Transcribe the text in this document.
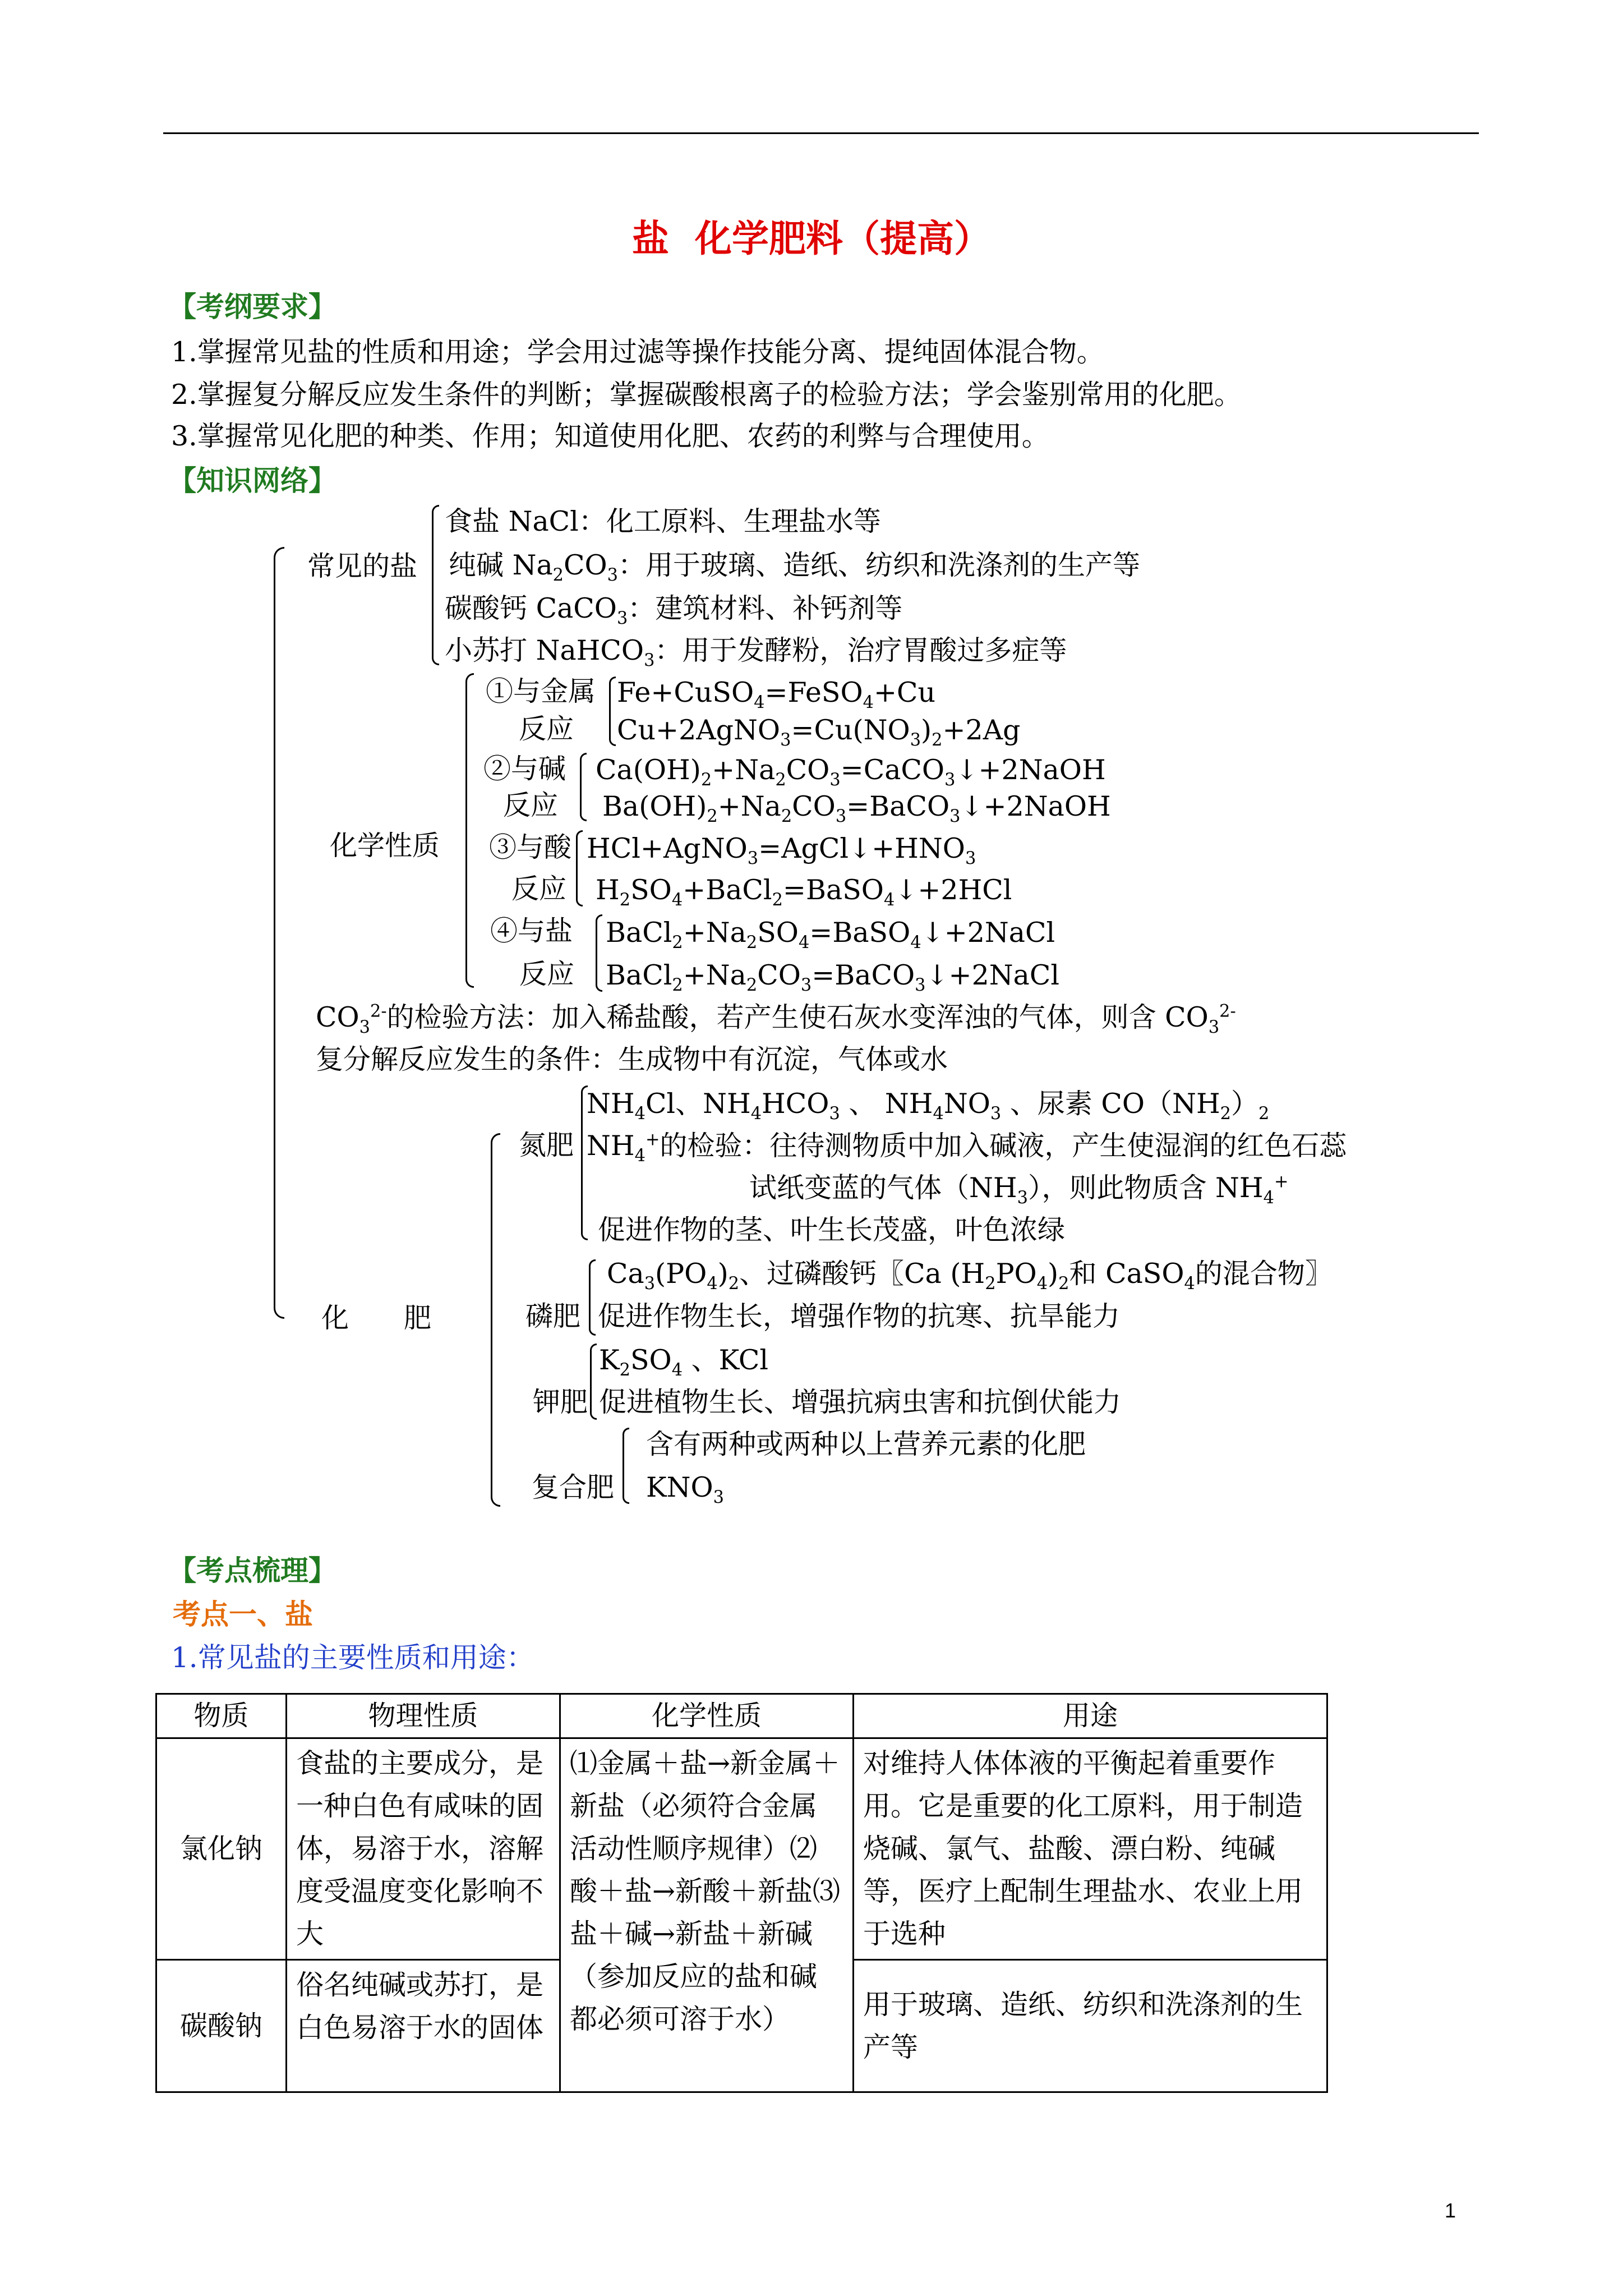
盐  化学肥料（提高）
【考纲要求】
1.掌握常见盐的性质和用途；学会用过滤等操作技能分离、提纯固体混合物。
2.掌握复分解反应发生条件的判断；掌握碳酸根离子的检验方法；学会鉴别常用的化肥。
3.掌握常见化肥的种类、作用；知道使用化肥、农药的利弊与合理使用。
【知识网络】
常见的盐
食盐 NaCl：化工原料、生理盐水等
纯碱 $Na_2CO_3$：用于玻璃、造纸、纺织和洗涤剂的生产等
碳酸钙 CaCO$_3$：建筑材料、补钙剂等
小苏打 NaHCO$_3$：用于发酵粉，治疗胃酸过多症等
化学性质
①与金属
反应
Fe+CuSO$_4$=FeSO$_4$+Cu
$Cu+2AgNO_3=Cu(NO_3)_2+2Ag$
②与碱
反应
$Ca(OH)_2+Na_2CO_3=CaCO_3↓+2NaOH$
$Ba(OH)_2+Na_2CO_3=BaCO_3↓+2NaOH$
③与酸
反应
$HCl+AgNO_3=AgCl↓+HNO_3$
$H_2SO_4+BaCl_2=BaSO_4↓+2HCl$
④与盐
反应
$BaCl_2+Na_2SO_4=BaSO_4↓+2NaCl$
$BaCl_2+Na_2CO_3=BaCO_3↓+2NaCl$
$CO_3^{2-}$的检验方法：加入稀盐酸，若产生使石灰水变浑浊的气体，则含 $CO_3^{2-}$
复分解反应发生的条件：生成物中有沉淀，气体或水
化　　肥
氮肥
$NH_4Cl$、$NH_4HCO_3$ 、 $NH_4NO_3$ 、尿素 $CO(NH_2)_2$
$NH_4^+$的检验：往待测物质中加入碱液，产生使湿润的红色石蕊
试纸变蓝的气体$(NH_3)$，则此物质含 $NH_4^+$
促进作物的茎、叶生长茂盛，叶色浓绿
磷肥
$Ca_3(PO_4)_2$、过磷酸钙〖Ca $(H_2PO_4)_2$和 CaSO$_4$的混合物〗
促进作物生长，增强作物的抗寒、抗旱能力
钾肥
$K_2SO_4$ 、KCl
促进植物生长、增强抗病虫害和抗倒伏能力
复合肥
含有两种或两种以上营养元素的化肥
$KNO_3$
【考点梳理】
考点一、盐
1.常见盐的主要性质和用途：
物质	物理性质	化学性质	用途
氯化钠	食盐的主要成分，是一种白色有咸味的固体，易溶于水，溶解度受温度变化影响不大	⑴金属＋盐→新金属＋新盐（必须符合金属活动性顺序规律）⑵酸＋盐→新酸＋新盐⑶盐＋碱→新盐＋新碱（参加反应的盐和碱都必须可溶于水）	对维持人体体液的平衡起着重要作用。它是重要的化工原料，用于制造烧碱、氯气、盐酸、漂白粉、纯碱等，医疗上配制生理盐水、农业上用于选种
碳酸钠	俗名纯碱或苏打，是白色易溶于水的固体		用于玻璃、造纸、纺织和洗涤剂的生产等
1
